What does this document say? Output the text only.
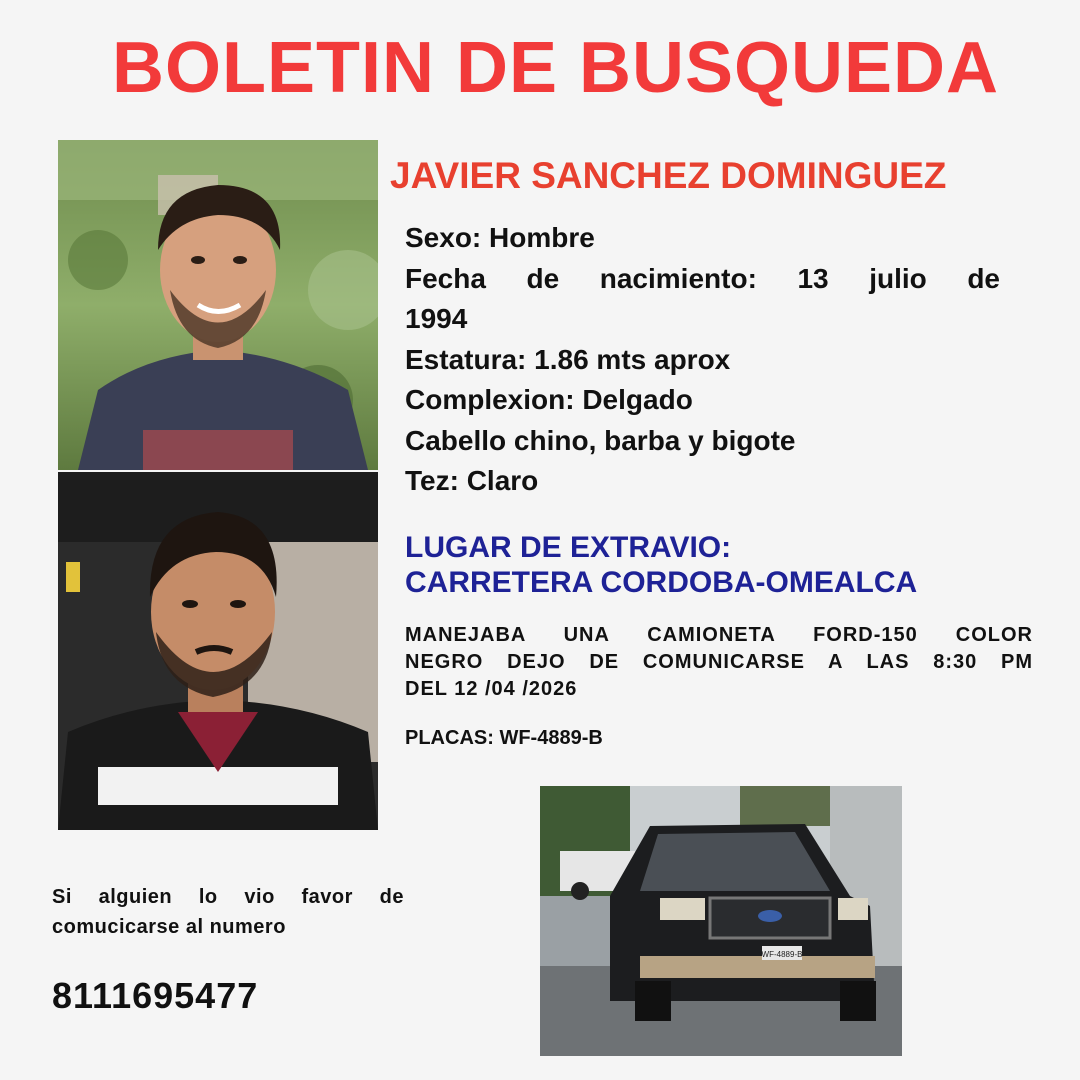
BOLETIN DE BUSQUEDA
JAVIER SANCHEZ DOMINGUEZ
Sexo: Hombre
Fecha de nacimiento: 13 julio de
1994
Estatura: 1.86 mts aprox
Complexion: Delgado
Cabello chino, barba y bigote
Tez: Claro
LUGAR DE EXTRAVIO:
CARRETERA CORDOBA-OMEALCA
MANEJABA UNA CAMIONETA FORD-150 COLOR
NEGRO DEJO DE COMUNICARSE A LAS 8:30 PM
DEL 12 /04 /2026
PLACAS: WF-4889-B
WF-4889-B
Si alguien lo vio favor de
comucicarse al numero
8111695477
